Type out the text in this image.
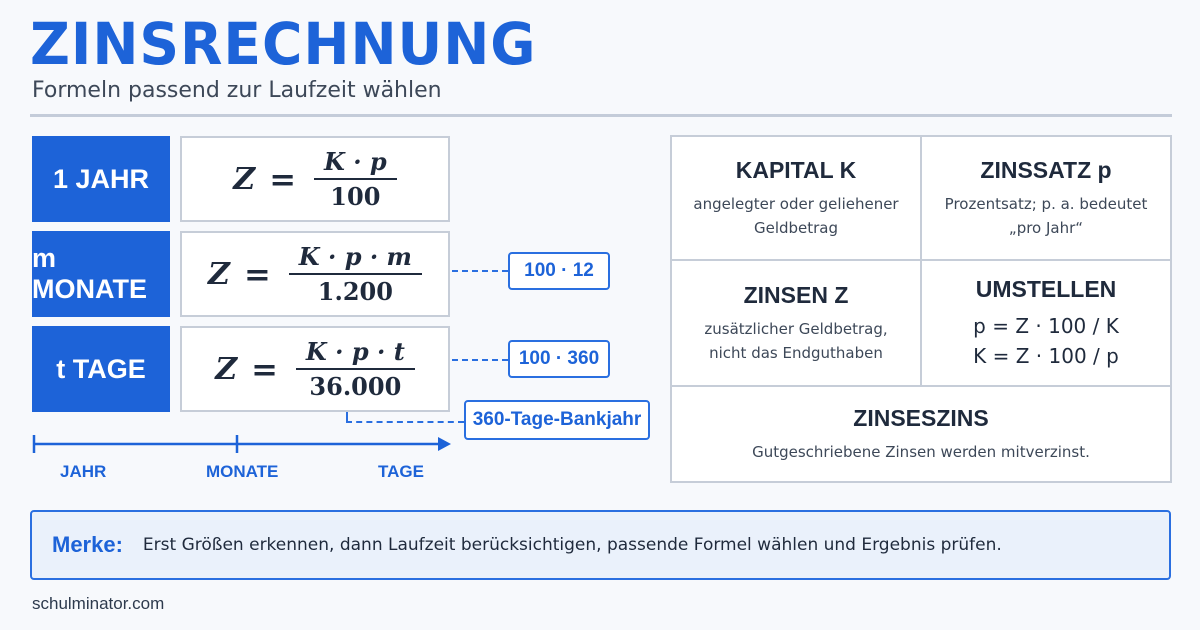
ZINSRECHNUNG
Formeln passend zur Laufzeit wählen
1 JAHR	$Z = \frac{K \cdot p}{100}$
m MONATE	$Z = \frac{K \cdot p \cdot m}{1.200}$
t TAGE	$Z = \frac{K \cdot p \cdot t}{36.000}$
100 · 12
100 · 360
360-Tage-Bankjahr
JAHR	MONATE	TAGE
KAPITAL K

angelegter oder geliehener

Geldbetrag

ZINSSATZ p

Prozentsatz; p. a. bedeutet

„pro Jahr“

ZINSEN Z

zusätzlicher Geldbetrag,

nicht das Endguthaben

UMSTELLEN

p = Z · 100 / K

K = Z · 100 / p

ZINSESZINS

Gutgeschriebene Zinsen werden mitverzinst.

Merke: Erst Größen erkennen, dann Laufzeit berücksichtigen, passende Formel wählen und Ergebnis prüfen.
schulminator.com
